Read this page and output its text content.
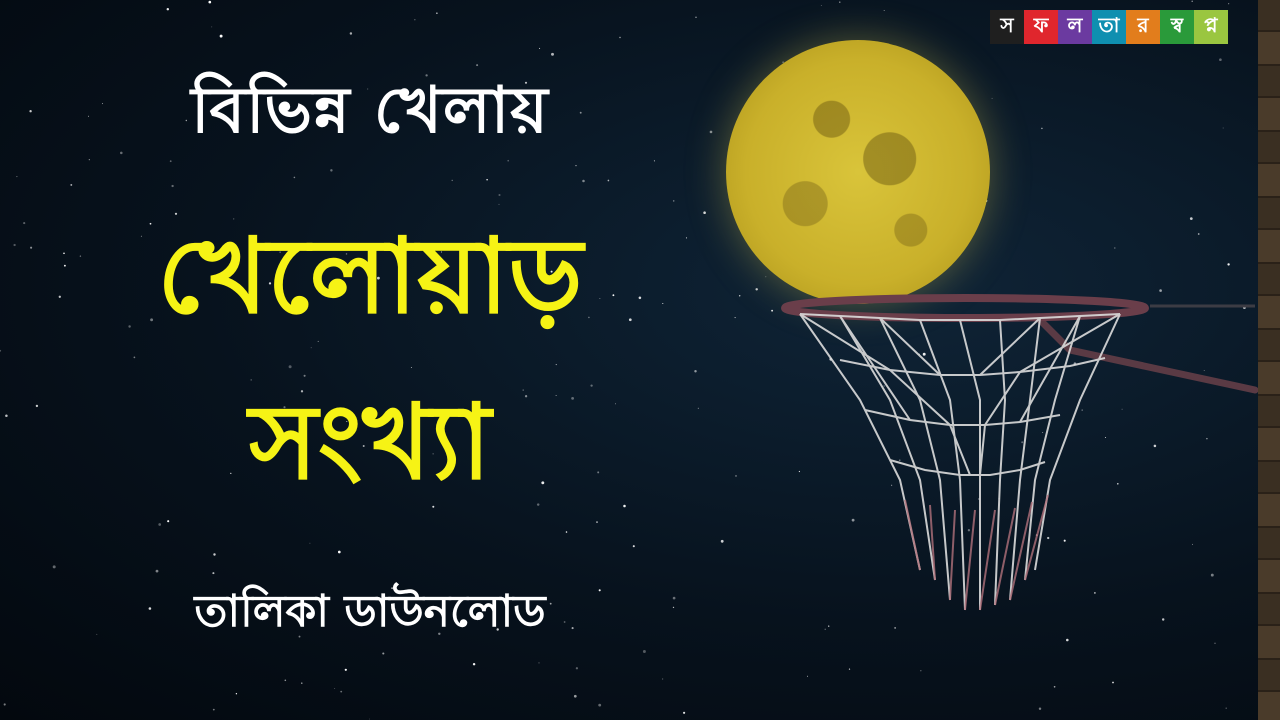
বিভিন্ন খেলায়
খেলোয়াড়
সংখ্যা
তালিকা ডাউনলোড
স	ফ ল তা র	স্ব	প্ন
